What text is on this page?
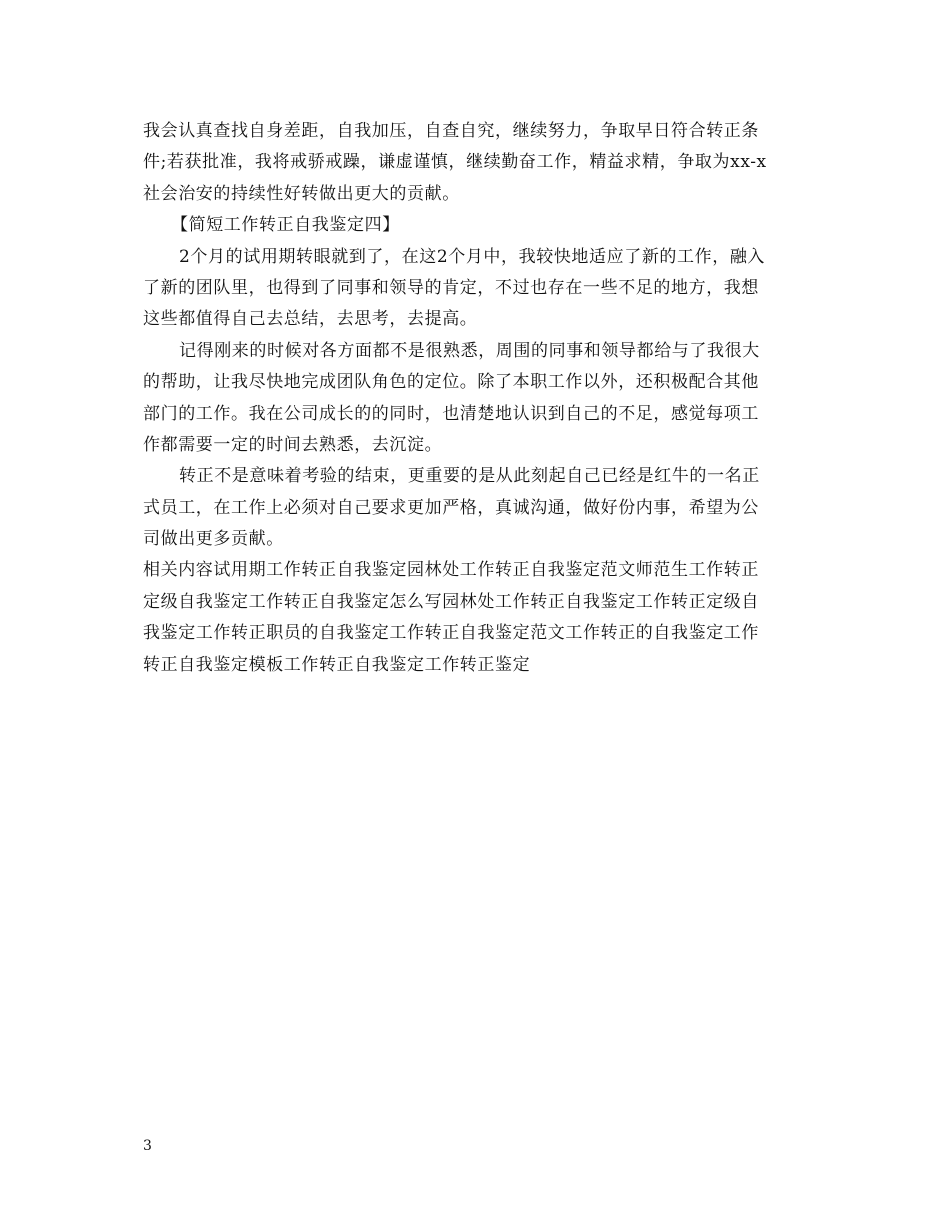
我会认真查找自身差距，自我加压，自查自究，继续努力，争取早日符合转正条
件;若获批准，我将戒骄戒躁，谦虚谨慎，继续勤奋工作，精益求精，争取为xx-x
社会治安的持续性好转做出更大的贡献。
【简短工作转正自我鉴定四】
2个月的试用期转眼就到了，在这2个月中，我较快地适应了新的工作，融入
了新的团队里，也得到了同事和领导的肯定，不过也存在一些不足的地方，我想
这些都值得自己去总结，去思考，去提高。
记得刚来的时候对各方面都不是很熟悉，周围的同事和领导都给与了我很大
的帮助，让我尽快地完成团队角色的定位。除了本职工作以外，还积极配合其他
部门的工作。我在公司成长的的同时，也清楚地认识到自己的不足，感觉每项工
作都需要一定的时间去熟悉，去沉淀。
转正不是意味着考验的结束，更重要的是从此刻起自己已经是红牛的一名正
式员工，在工作上必须对自己要求更加严格，真诚沟通，做好份内事，希望为公
司做出更多贡献。
相关内容试用期工作转正自我鉴定园林处工作转正自我鉴定范文师范生工作转正
定级自我鉴定工作转正自我鉴定怎么写园林处工作转正自我鉴定工作转正定级自
我鉴定工作转正职员的自我鉴定工作转正自我鉴定范文工作转正的自我鉴定工作
转正自我鉴定模板工作转正自我鉴定工作转正鉴定
3
